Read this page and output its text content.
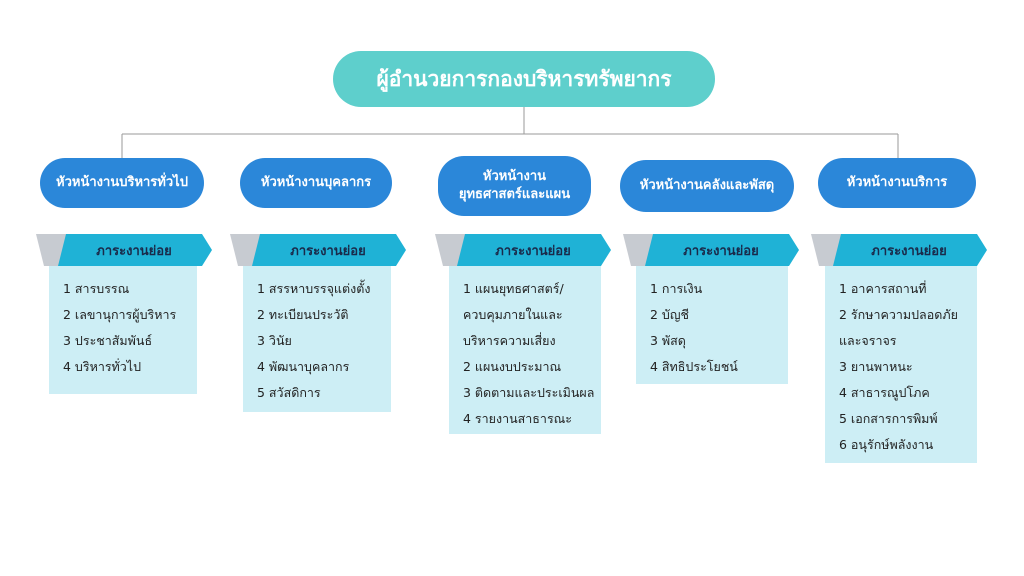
ผู้อำนวยการกองบริหารทรัพยากร
หัวหน้างานบริหารทั่วไป
ภาระงานย่อย
1 สารบรรณ
2 เลขานุการผู้บริหาร
3 ประชาสัมพันธ์
4 บริหารทั่วไป
หัวหน้างานบุคลากร
ภาระงานย่อย
1 สรรหาบรรจุแต่งตั้ง
2 ทะเบียนประวัติ
3 วินัย
4 พัฒนาบุคลากร
5 สวัสดิการ
หัวหน้างาน
ยุทธศาสตร์และแผน
ภาระงานย่อย
1 แผนยุทธศาสตร์/
ควบคุมภายในและ
บริหารความเสี่ยง
2 แผนงบประมาณ
3 ติดตามและประเมินผล
4 รายงานสาธารณะ
หัวหน้างานคลังและพัสดุ
ภาระงานย่อย
1 การเงิน
2 บัญชี
3 พัสดุ
4 สิทธิประโยชน์
หัวหน้างานบริการ
ภาระงานย่อย
1 อาคารสถานที่
2 รักษาความปลอดภัย
และจราจร
3 ยานพาหนะ
4 สาธารณูปโภค
5 เอกสารการพิมพ์
6 อนุรักษ์พลังงาน
